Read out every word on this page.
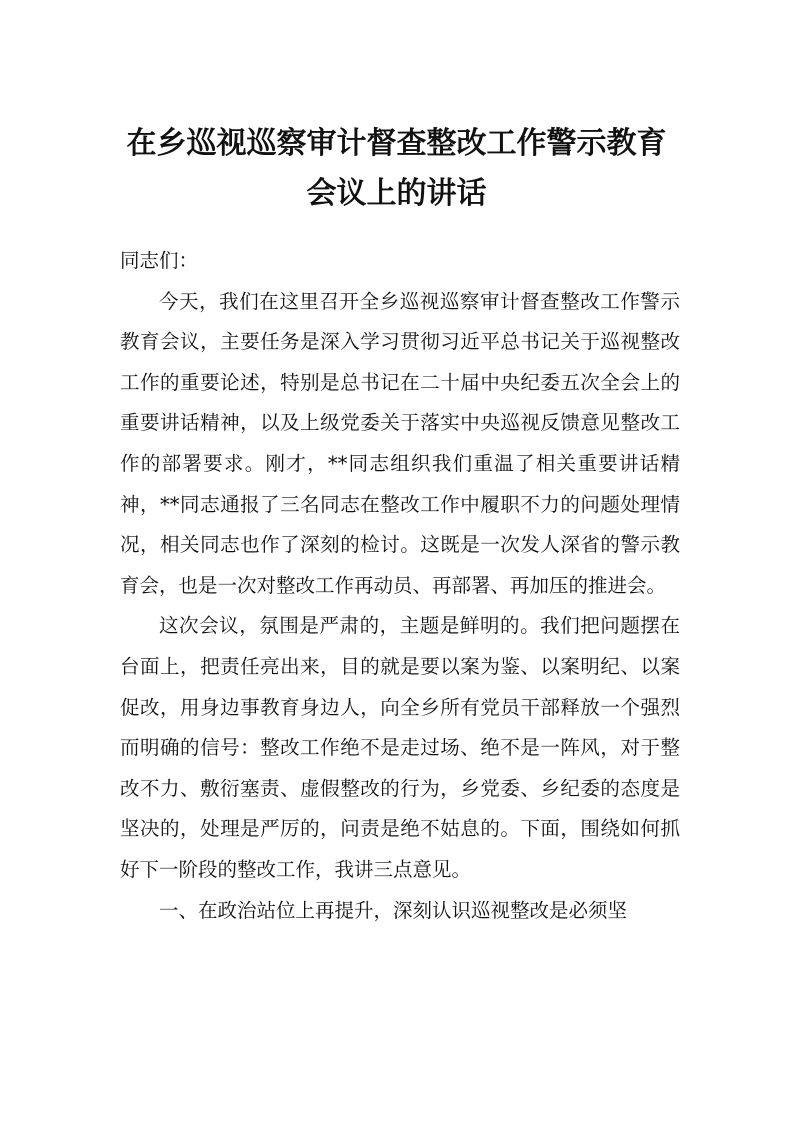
在乡巡视巡察审计督查整改工作警示教育
会议上的讲话

同志们：

今天，我们在这里召开全乡巡视巡察审计督查整改工作警示教育会议，主要任务是深入学习贯彻习近平总书记关于巡视整改工作的重要论述，特别是总书记在二十届中央纪委五次全会上的重要讲话精神，以及上级党委关于落实中央巡视反馈意见整改工作的部署要求。刚才，**同志组织我们重温了相关重要讲话精神，**同志通报了三名同志在整改工作中履职不力的问题处理情况，相关同志也作了深刻的检讨。这既是一次发人深省的警示教育会，也是一次对整改工作再动员、再部署、再加压的推进会。

这次会议，氛围是严肃的，主题是鲜明的。我们把问题摆在台面上，把责任亮出来，目的就是要以案为鉴、以案明纪、以案促改，用身边事教育身边人，向全乡所有党员干部释放一个强烈而明确的信号：整改工作绝不是走过场、绝不是一阵风，对于整改不力、敷衍塞责、虚假整改的行为，乡党委、乡纪委的态度是坚决的，处理是严厉的，问责是绝不姑息的。下面，围绕如何抓好下一阶段的整改工作，我讲三点意见。

一、在政治站位上再提升，深刻认识巡视整改是必须坚
